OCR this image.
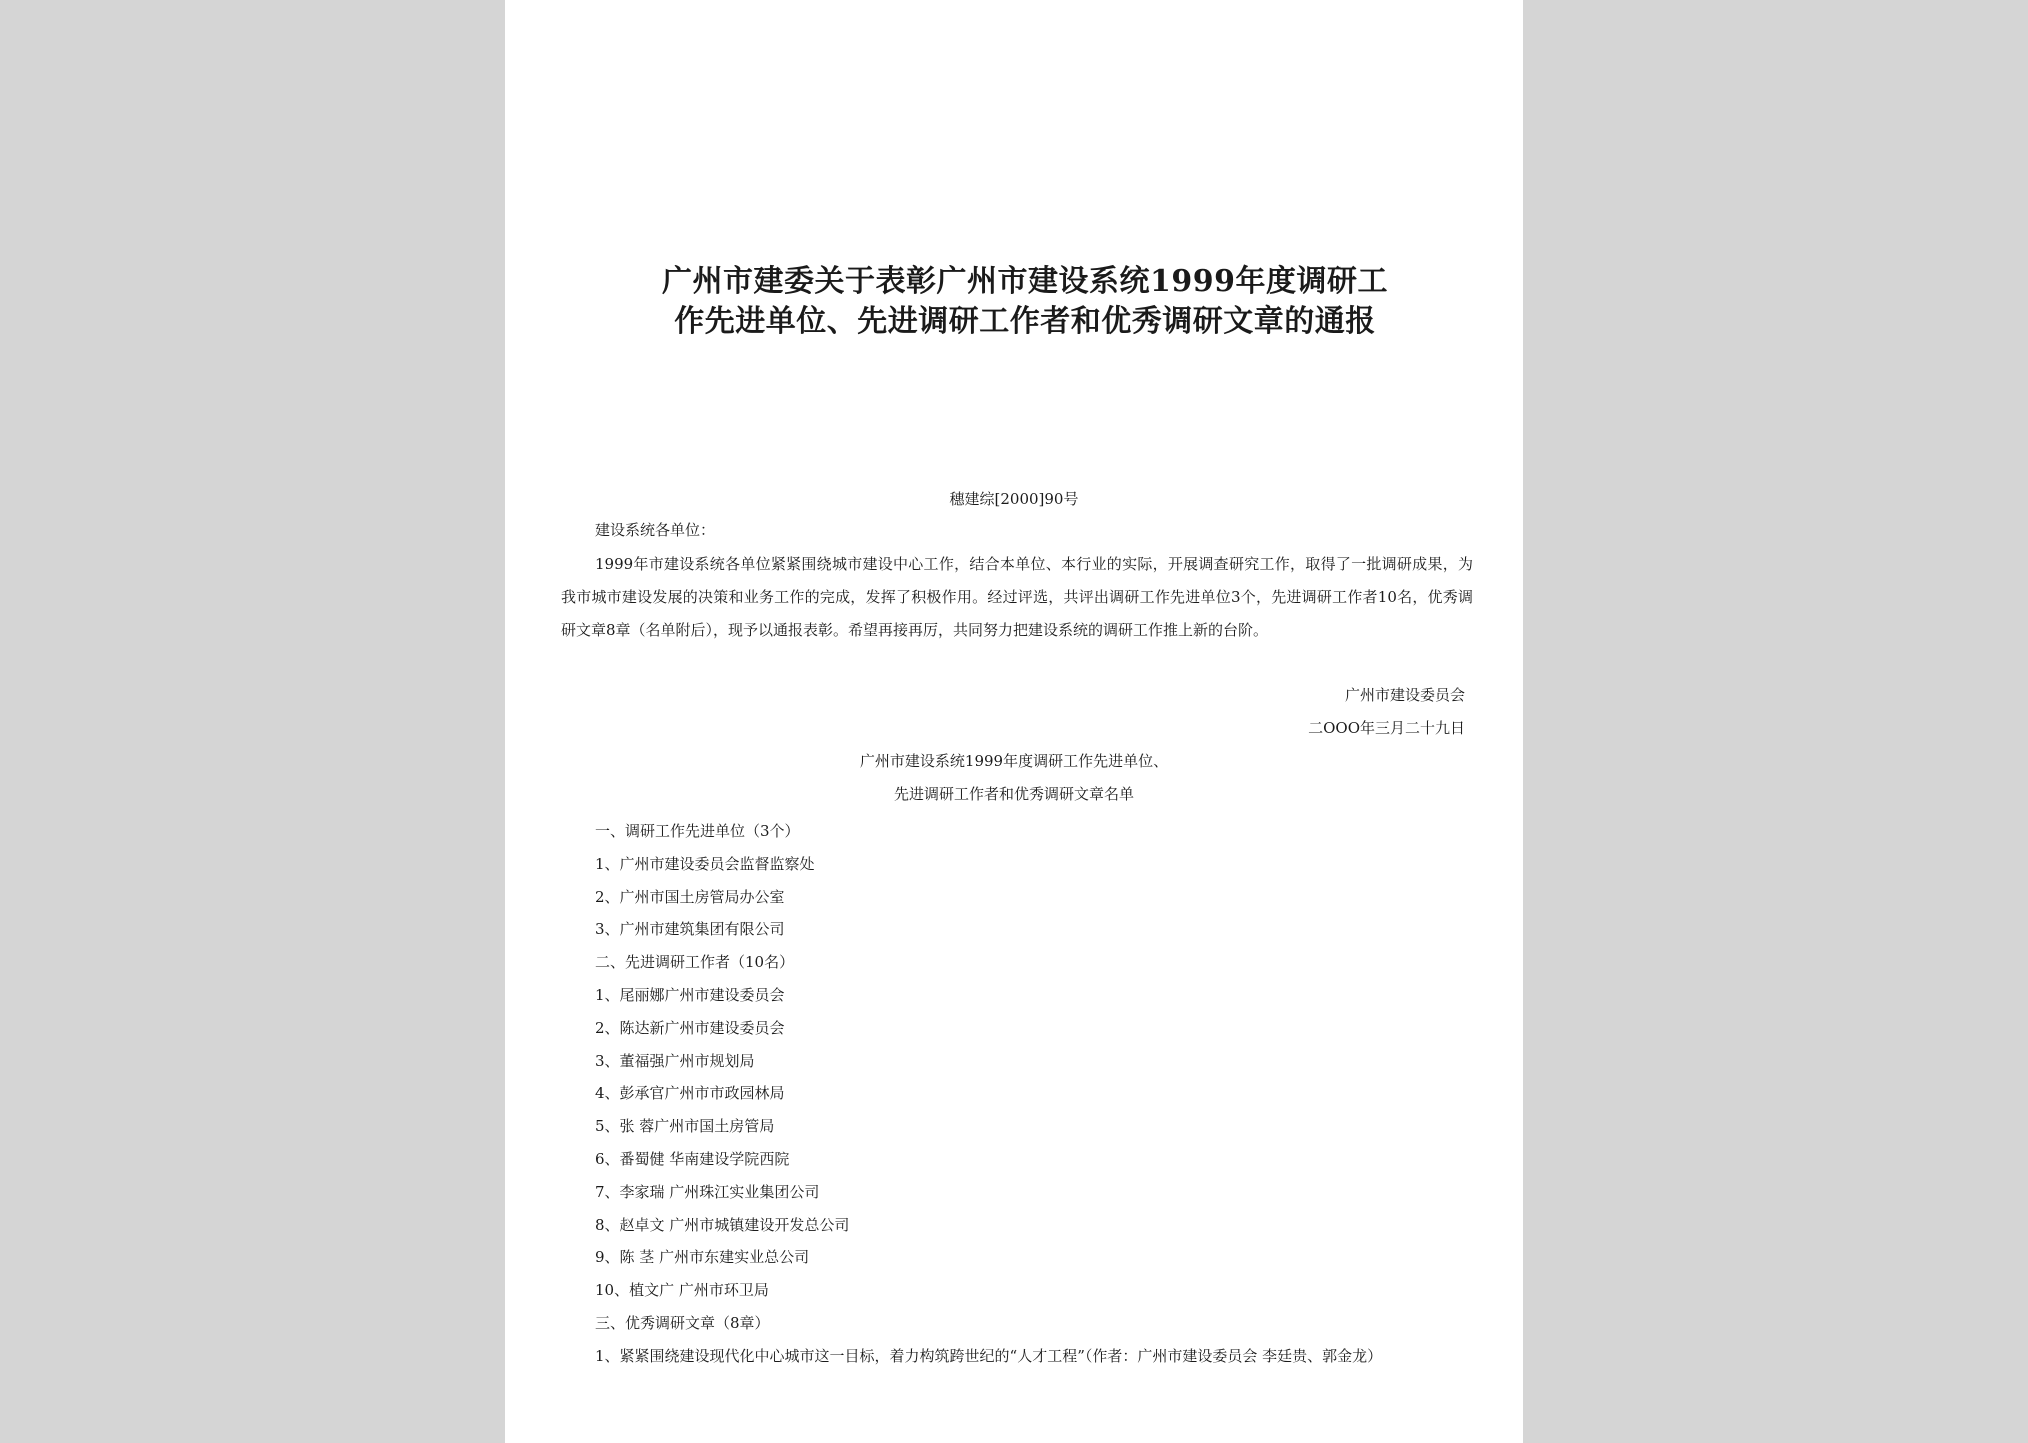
广州市建委关于表彰广州市建设系统1999年度调研工
作先进单位、先进调研工作者和优秀调研文章的通报
穗建综[2000]90号
建设系统各单位：
1999年市建设系统各单位紧紧围绕城市建设中心工作，结合本单位、本行业的实际，开展调查研究工作，取得了一批调研成果，为我市城市建设发展的决策和业务工作的完成，发挥了积极作用。经过评选，共评出调研工作先进单位3个，先进调研工作者10名，优秀调研文章8章（名单附后），现予以通报表彰。希望再接再厉，共同努力把建设系统的调研工作推上新的台阶。
广州市建设委员会
二OOO年三月二十九日
广州市建设系统1999年度调研工作先进单位、
先进调研工作者和优秀调研文章名单
一、调研工作先进单位（3个）
1、广州市建设委员会监督监察处
2、广州市国土房管局办公室
3、广州市建筑集团有限公司
二、先进调研工作者（10名）
1、尾丽娜广州市建设委员会
2、陈达新广州市建设委员会
3、董福强广州市规划局
4、彭承官广州市市政园林局
5、张 蓉广州市国土房管局
6、番蜀健 华南建设学院西院
7、李家瑞 广州珠江实业集团公司
8、赵卓文 广州市城镇建设开发总公司
9、陈 茎 广州市东建实业总公司
10、植文广 广州市环卫局
三、优秀调研文章（8章）
1、紧紧围绕建设现代化中心城市这一目标，着力构筑跨世纪的“人才工程”（作者：广州市建设委员会 李廷贵、郭金龙）
